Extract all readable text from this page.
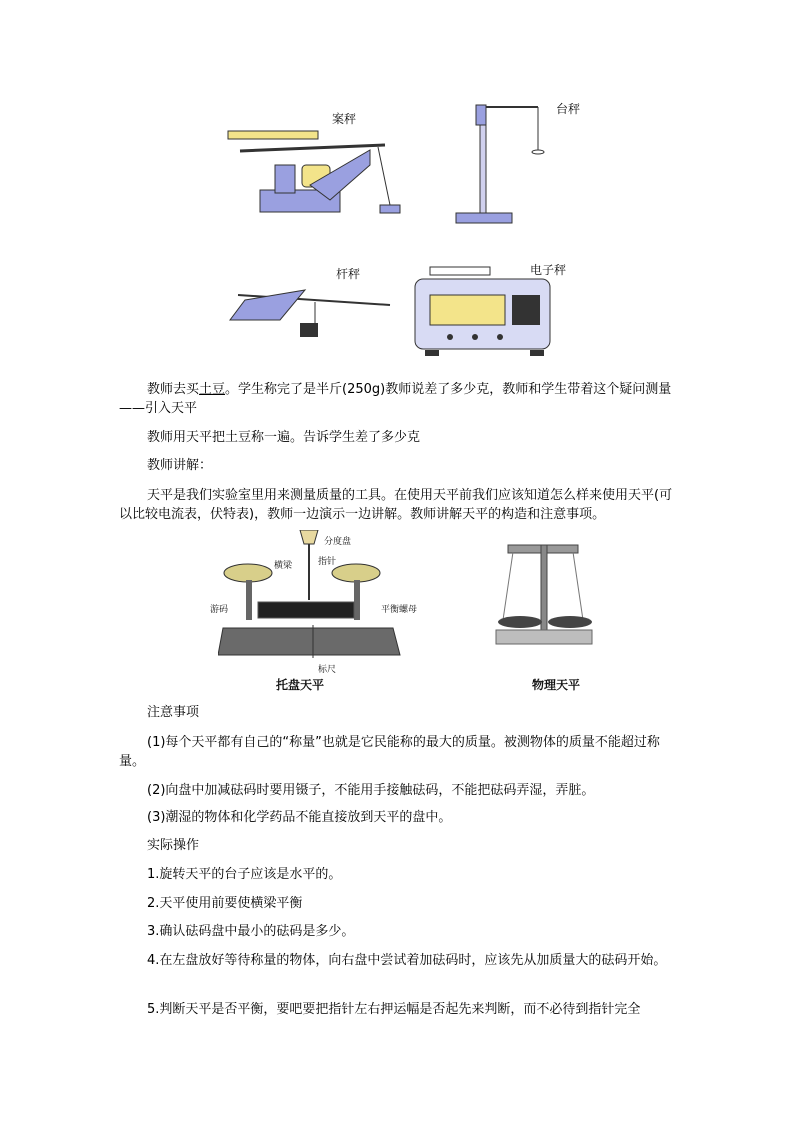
案秤
台秤
杆秤	电子秤
教师去买土豆。学生称完了是半斤(250g)教师说差了多少克，教师和学生带着这个疑问测量——引入天平
教师用天平把土豆称一遍。告诉学生差了多少克
教师讲解：
天平是我们实验室里用来测量质量的工具。在使用天平前我们应该知道怎么样来使用天平(可以比较电流表，伏特表)，教师一边演示一边讲解。教师讲解天平的构造和注意事项。
分度盘
横梁	指针
游码	平衡螺母
标尺
托盘天平	物理天平
注意事项
(1)每个天平都有自己的“称量”也就是它民能称的最大的质量。被测物体的质量不能超过称量。
(2)向盘中加减砝码时要用镊子，不能用手接触砝码，不能把砝码弄湿，弄脏。
(3)潮湿的物体和化学药品不能直接放到天平的盘中。
实际操作
1.旋转天平的台子应该是水平的。
2.天平使用前要使横梁平衡
3.确认砝码盘中最小的砝码是多少。
4.在左盘放好等待称量的物体，向右盘中尝试着加砝码时，应该先从加质量大的砝码开始。
5.判断天平是否平衡，要吧要把指针左右押运幅是否起先来判断，而不必待到指针完全
